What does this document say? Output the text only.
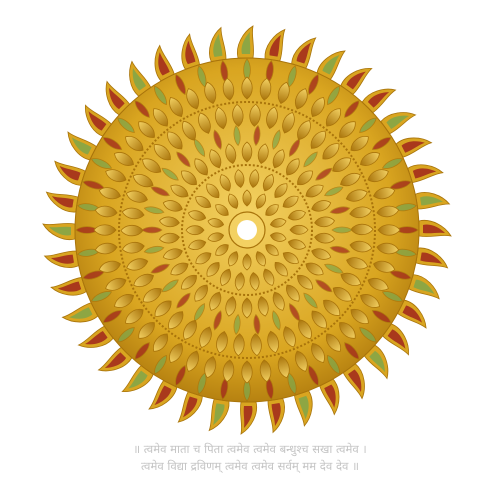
॥ त्वमेव माता च पिता त्वमेव त्वमेव बन्धुश्च सखा त्वमेव ।
त्वमेव विद्या द्रविणम् त्वमेव त्वमेव सर्वम् मम देव देव ॥
